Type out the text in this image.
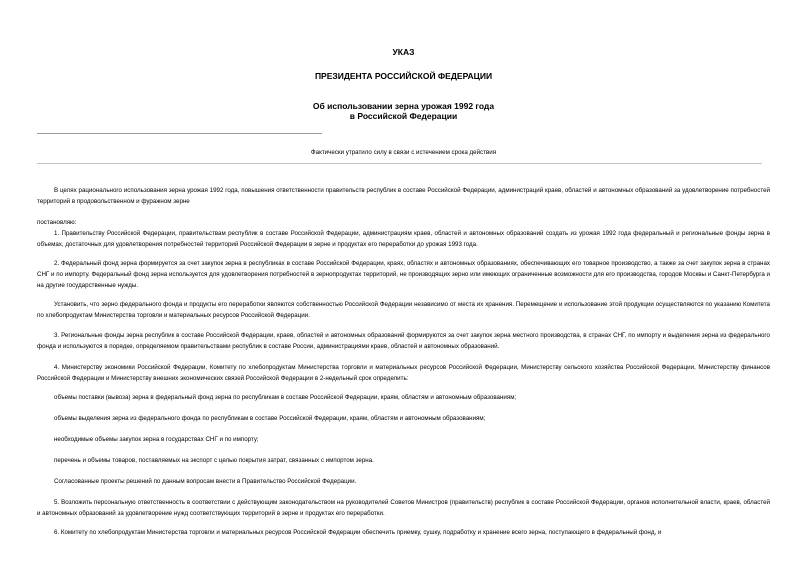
УКАЗ
ПРЕЗИДЕНТА РОССИЙСКОЙ ФЕДЕРАЦИИ
Об использовании зерна урожая 1992 года
в Российской Федерации
Фактически утратило силу в связи с истечением срока действия

В целях рационального использования зерна урожая 1992 года, повышения ответственности правительств республик в составе Российской Федерации, администраций краев, областей и автономных образований за удовлетворение потребностей территорий в продовольственном и фуражном зерне

постановляю:

1. Правительству Российской Федерации, правительствам республик в составе Российской Федерации, администрациям краев, областей и автономных образований создать из урожая 1992 года федеральный и региональные фонды зерна в объемах, достаточных для удовлетворения потребностей территорий Российской Федерации в зерне и продуктах его переработки до урожая 1993 года.

2. Федеральный фонд зерна формируется за счет закупок зерна в республиках в составе Российской Федерации, краях, областях и автономных образованиях, обеспечивающих его товарное производство, а также за счет закупок зерна в странах СНГ и по импорту. Федеральный фонд зерна используется для удовлетворения потребностей в зернопродуктах территорий, не производящих зерно или имеющих ограниченные возможности для его производства, городов Москвы и Санкт-Петербурга и на другие государственные нужды.

Установить, что зерно федерального фонда и продукты его переработки являются собственностью Российской Федерации независимо от места их хранения. Перемещение и использование этой продукции осуществляются по указанию Комитета по хлебопродуктам Министерства торговли и материальных ресурсов Российской Федерации.

3. Региональные фонды зерна республик в составе Российской Федерации, краев, областей и автономных образований формируются за счет закупок зерна местного производства, в странах СНГ, по импорту и выделения зерна из федерального фонда и используются в порядке, определяемом правительствами республик в составе России, администрациями краев, областей и автономных образований.

4. Министерству экономики Российской Федерации, Комитету по хлебопродуктам Министерства торговли и материальных ресурсов Российской Федерации, Министерству сельского хозяйства Российской Федерации, Министерству финансов Российской Федерации и Министерству внешних экономических связей Российской Федерации в 2-недельный срок определить:

объемы поставки (вывоза) зерна в федеральный фонд зерна по республикам в составе Российской Федерации, краям, областям и автономным образованиям;

объемы выделения зерна из федерального фонда по республикам в составе Российской Федерации, краям, областям и автономным образованиям;

необходимые объемы закупок зерна в государствах СНГ и по импорту;

перечень и объемы товаров, поставляемых на экспорт с целью покрытия затрат, связанных с импортом зерна.

Согласованные проекты решений по данным вопросам внести в Правительство Российской Федерации.

5. Возложить персональную ответственность в соответствии с действующим законодательством на руководителей Советов Министров (правительств) республик в составе Российской Федерации, органов исполнительной власти, краев, областей и автономных образований за удовлетворение нужд соответствующих территорий в зерне и продуктах его переработки.

6. Комитету по хлебопродуктам Министерства торговли и материальных ресурсов Российской Федерации обеспечить приемку, сушку, подработку и хранение всего зерна, поступающего в федеральный фонд, и
